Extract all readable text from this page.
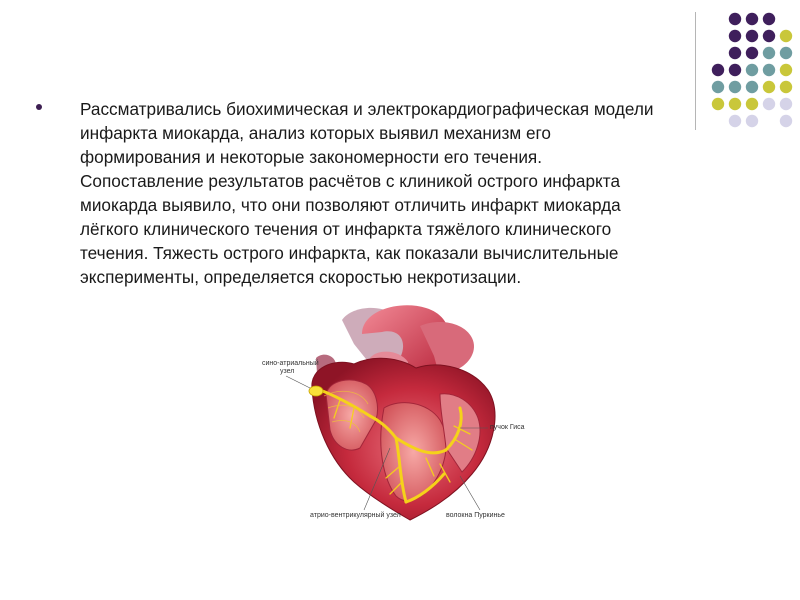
Рассматривались биохимическая и электрокардиографическая модели
инфаркта миокарда, анализ которых выявил механизм его
формирования и некоторые закономерности его течения.
Сопоставление результатов расчётов с клиникой острого инфаркта
миокарда выявило, что они позволяют отличить инфаркт миокарда
лёгкого клинического течения от инфаркта тяжёлого клинического
течения. Тяжесть острого инфаркта, как показали вычислительные
эксперименты, определяется скоростью некротизации.

сино-атриальный
узел
пучок Гиса
атрио-вентрикулярный узел	волокна Пуркинье
